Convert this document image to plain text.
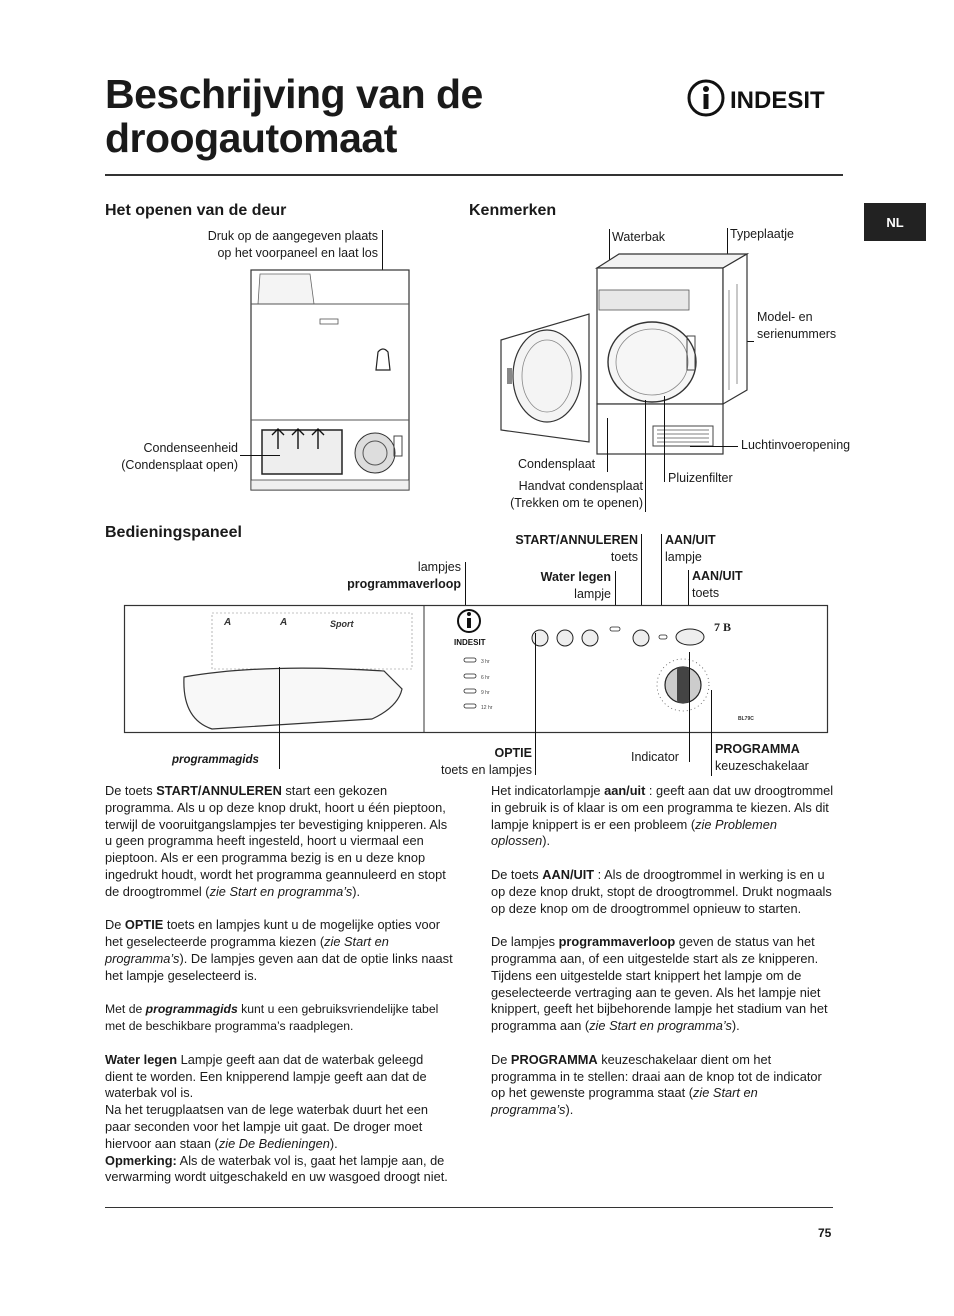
Beschrijving van de
droogautomaat
INDESIT
NL
Het openen van de deur
Druk op de aangegeven plaats
op het voorpaneel en laat los
Condenseenheid
(Condensplaat open)
Kenmerken
Waterbak	Typeplaatje
Model- en
serienummers
Luchtinvoeropening
Condensplaat
Pluizenfilter
Handvat condensplaat
(Trekken om te openen)
Bedieningspaneel	START/ANNULEREN
toets
AAN/UIT
lampje
lampjes
programmaverloop	Water legen
lampje
AAN/UIT
toets
A	A	Sport
INDESIT
3 hr
6 hr
9 hr
12 hr
7 B
BL79C
programmagids	OPTIE
toets en lampjes
Indicator
PROGRAMMA
keuzeschakelaar

De toets START/ANNULEREN start een gekozen programma. Als u op deze knop drukt, hoort u één pieptoon, terwijl de vooruitgangslampjes ter bevestiging knipperen. Als u geen programma heeft ingesteld, hoort u viermaal een pieptoon. Als er een programma bezig is en u deze knop ingedrukt houdt, wordt het programma geannuleerd en stopt de droogtrommel (zie Start en programma’s).

De OPTIE toets en lampjes kunt u de mogelijke opties voor het geselecteerde programma kiezen (zie Start en programma’s). De lampjes geven aan dat de optie links naast het lampje geselecteerd is.

Met de programmagids kunt u een gebruiksvriendelijke tabel met de beschikbare programma’s raadplegen.

Water legen Lampje geeft aan dat de waterbak geleegd dient te worden. Een knipperend lampje geeft aan dat de waterbak vol is.
Na het terugplaatsen van de lege waterbak duurt het een paar seconden voor het lampje uit gaat. De droger moet hiervoor aan staan (zie De Bedieningen).
Opmerking: Als de waterbak vol is, gaat het lampje aan, de verwarming wordt uitgeschakeld en uw wasgoed droogt niet.

Het indicatorlampje aan/uit : geeft aan dat uw droogtrommel in gebruik is of klaar is om een programma te kiezen. Als dit lampje knippert is er een probleem (zie Problemen oplossen).

De toets AAN/UIT : Als de droogtrommel in werking is en u op deze knop drukt, stopt de droogtrommel. Drukt nogmaals op deze knop om de droogtrommel opnieuw to starten.

De lampjes programmaverloop geven de status van het programma aan, of een uitgestelde start als ze knipperen. Tijdens een uitgestelde start knippert het lampje om de geselecteerde vertraging aan te geven. Als het lampje niet knippert, geeft het bijbehorende lampje het stadium van het programma aan (zie Start en programma’s).

De PROGRAMMA keuzeschakelaar dient om het programma in te stellen: draai aan de knop tot de indicator op het gewenste programma staat (zie Start en programma’s).

75
